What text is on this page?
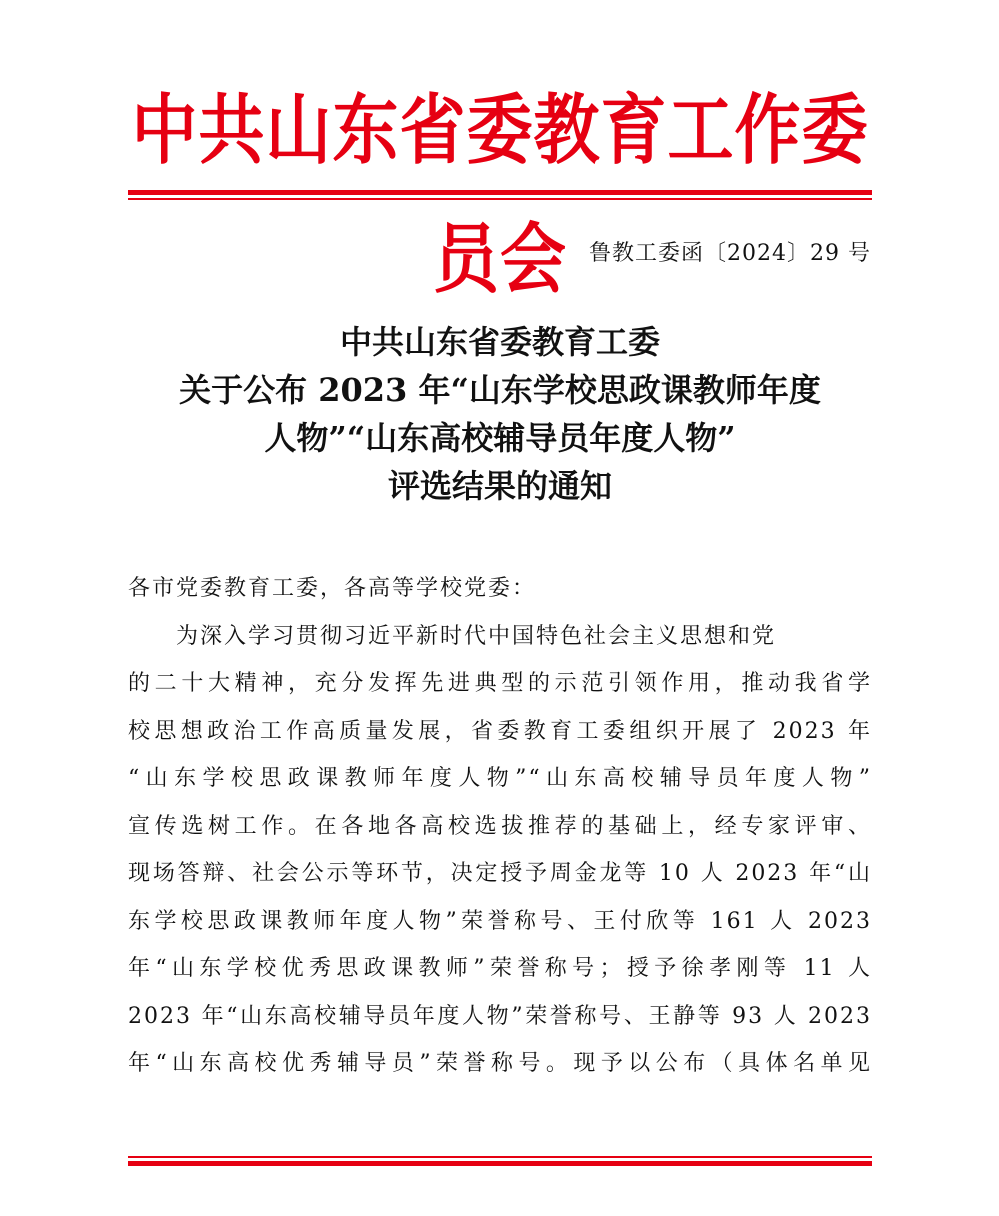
中共山东省委教育工作委员会	鲁教工委函〔2024〕29 号
中共山东省委教育工委
关于公布 2023 年“山东学校思政课教师年度
人物”“山东高校辅导员年度人物”
评选结果的通知
各市党委教育工委，各高等学校党委：
为深入学习贯彻习近平新时代中国特色社会主义思想和党
的二十大精神，充分发挥先进典型的示范引领作用，推动我省学
校思想政治工作高质量发展，省委教育工委组织开展了 2023 年
“山东学校思政课教师年度人物”“山东高校辅导员年度人物”
宣传选树工作。在各地各高校选拔推荐的基础上，经专家评审、
现场答辩、社会公示等环节，决定授予周金龙等 10 人 2023 年“山
东学校思政课教师年度人物”荣誉称号、王付欣等 161 人 2023
年“山东学校优秀思政课教师”荣誉称号；授予徐孝刚等 11 人
2023 年“山东高校辅导员年度人物”荣誉称号、王静等 93 人 2023
年“山东高校优秀辅导员”荣誉称号。现予以公布（具体名单见
